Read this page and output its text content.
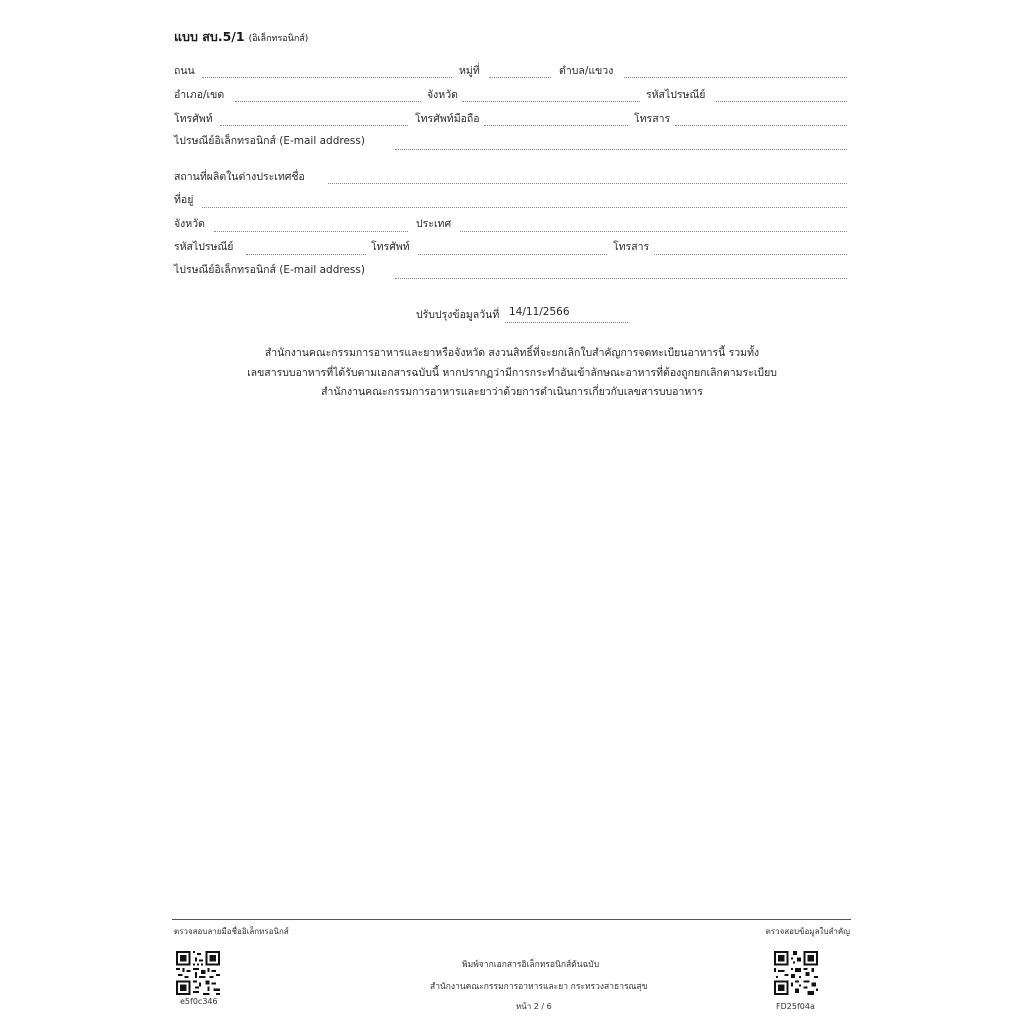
แบบ สบ.5/1 (อิเล็กทรอนิกส์)
ถนน	หมู่ที่	ตำบล/แขวง
อำเภอ/เขต	จังหวัด	รหัสไปรษณีย์
โทรศัพท์	โทรศัพท์มือถือ	โทรสาร
ไปรษณีย์อิเล็กทรอนิกส์ (E-mail address)
สถานที่ผลิตในต่างประเทศชื่อ
ที่อยู่
จังหวัด	ประเทศ
รหัสไปรษณีย์	โทรศัพท์	โทรสาร
ไปรษณีย์อิเล็กทรอนิกส์ (E-mail address)
ปรับปรุงข้อมูลวันที่ 14/11/2566
สำนักงานคณะกรรมการอาหารและยาหรือจังหวัด สงวนสิทธิ์ที่จะยกเลิกใบสำคัญการจดทะเบียนอาหารนี้ รวมทั้ง
เลขสารบบอาหารที่ได้รับตามเอกสารฉบับนี้ หากปรากฏว่ามีการกระทำอันเข้าลักษณะอาหารที่ต้องถูกยกเลิกตามระเบียบ
สำนักงานคณะกรรมการอาหารและยาว่าด้วยการดำเนินการเกี่ยวกับเลขสารบบอาหาร
ตรวจสอบลายมือชื่ออิเล็กทรอนิกส์	ตรวจสอบข้อมูลใบสำคัญ
e5f0c346
พิมพ์จากเอกสารอิเล็กทรอนิกส์ต้นฉบับ
สำนักงานคณะกรรมการอาหารและยา กระทรวงสาธารณสุข
หน้า 2 / 6	FD25f04a
